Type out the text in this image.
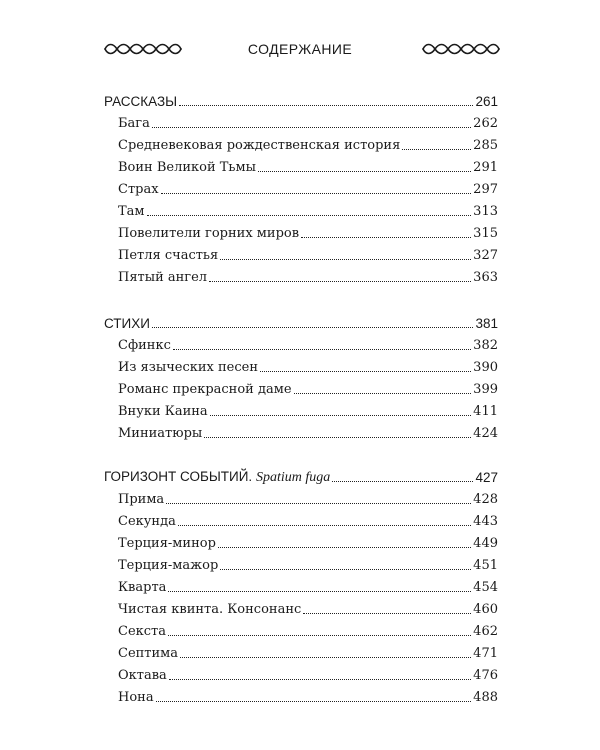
СОДЕРЖАНИЕ
РАССКАЗЫ	261
Бага	262
Средневековая рождественская история	285
Воин Великой Тьмы	291
Страх	297
Там	313
Повелители горних миров	315
Петля счастья	327
Пятый ангел	363
СТИХИ	381
Сфинкс	382
Из языческих песен	390
Романс прекрасной даме	399
Внуки Каина	411
Миниатюры	424
ГОРИЗОНТ СОБЫТИЙ. Spatium fuga	427
Прима	428
Секунда	443
Терция-минор	449
Терция-мажор	451
Кварта	454
Чистая квинта. Консонанс	460
Секста	462
Септима	471
Октава	476
Нона	488
